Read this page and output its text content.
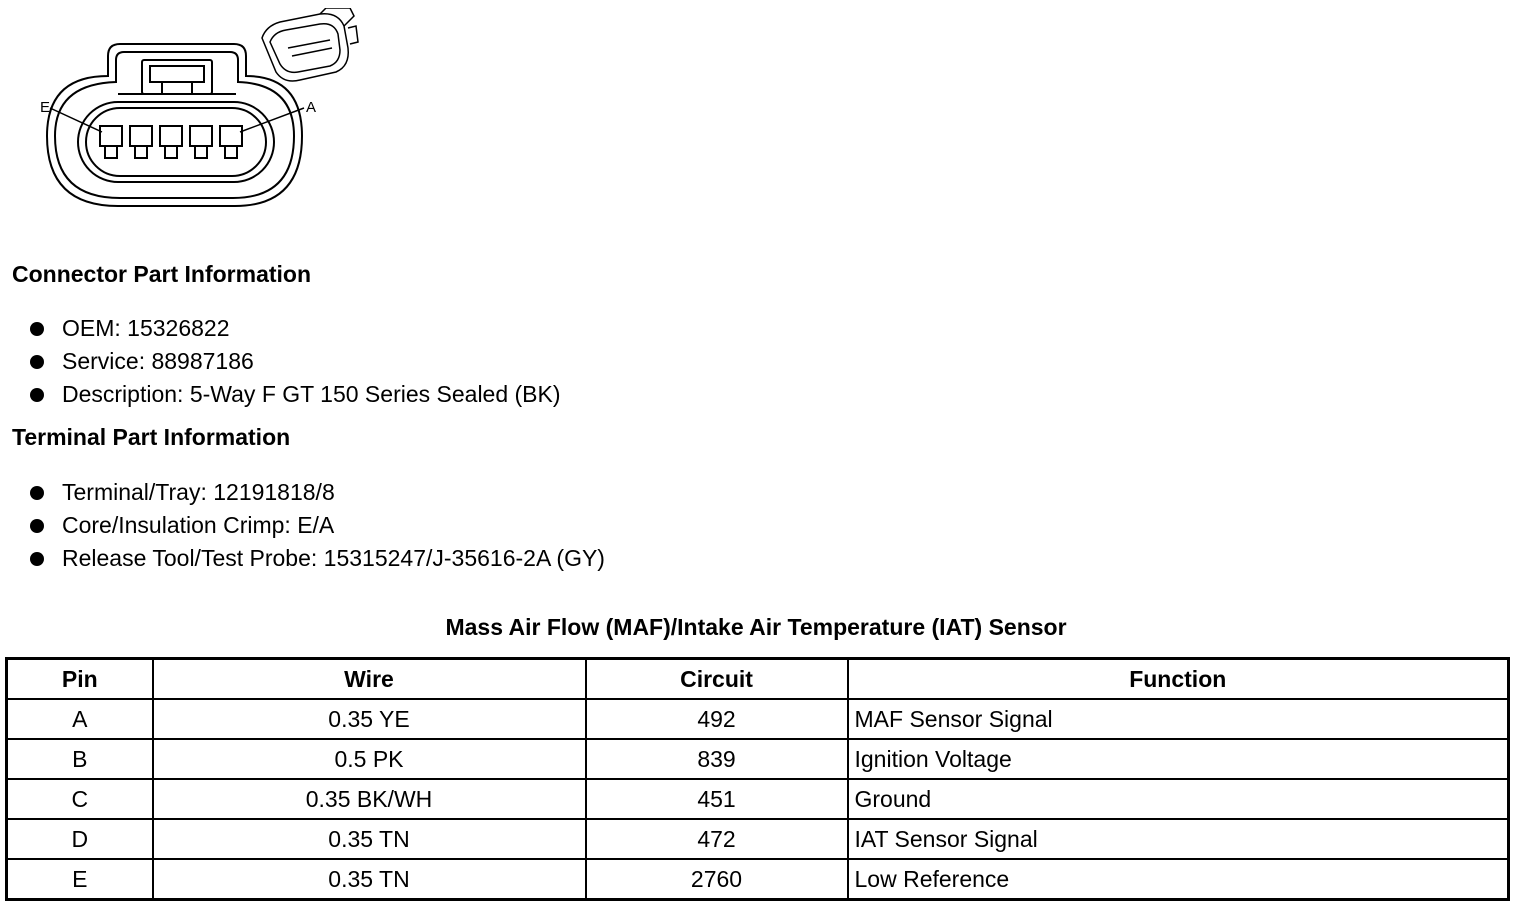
E	A
Connector Part Information
OEM: 15326822
Service: 88987186
Description: 5-Way F GT 150 Series Sealed (BK)
Terminal Part Information
Terminal/Tray: 12191818/8
Core/Insulation Crimp: E/A
Release Tool/Test Probe: 15315247/J-35616-2A (GY)
Mass Air Flow (MAF)/Intake Air Temperature (IAT) Sensor
Pin	Wire	Circuit	Function
A	0.35 YE	492	MAF Sensor Signal
B	0.5 PK	839	Ignition Voltage
C	0.35 BK/WH	451	Ground
D	0.35 TN	472	IAT Sensor Signal
E	0.35 TN	2760	Low Reference
